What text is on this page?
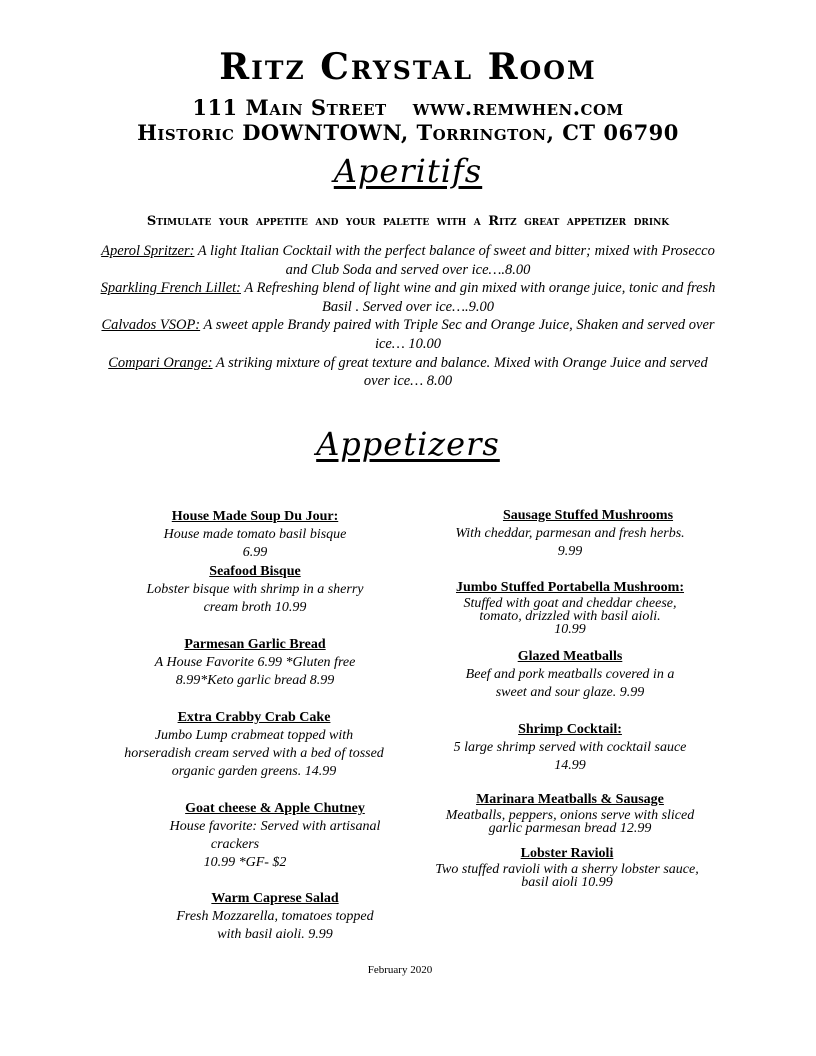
Ritz Crystal Room
111 Main Street www.remwhen.com
Historic DOWNTOWN, Torrington, CT 06790
Aperitifs
Stimulate your appetite and your palette with a Ritz great appetizer drink
Aperol Spritzer: A light Italian Cocktail with the perfect balance of sweet and bitter; mixed with Prosecco and Club Soda and served over ice….8.00
Sparkling French Lillet: A Refreshing blend of light wine and gin mixed with orange juice, tonic and fresh Basil . Served over ice….9.00
Calvados VSOP: A sweet apple Brandy paired with Triple Sec and Orange Juice, Shaken and served over ice… 10.00
Compari Orange: A striking mixture of great texture and balance. Mixed with Orange Juice and served over ice… 8.00
Appetizers
House Made Soup Du Jour:
House made tomato basil bisque
6.99
Seafood Bisque
Lobster bisque with shrimp in a sherry
cream broth 10.99
Parmesan Garlic Bread
A House Favorite 6.99 *Gluten free
8.99*Keto garlic bread 8.99
Extra Crabby Crab Cake
Jumbo Lump crabmeat topped with
horseradish cream served with a bed of tossed
organic garden greens. 14.99
Goat cheese & Apple Chutney
House favorite: Served with artisanal
crackers
10.99 *GF- $2
Warm Caprese Salad
Fresh Mozzarella, tomatoes topped
with basil aioli. 9.99
Sausage Stuffed Mushrooms
With cheddar, parmesan and fresh herbs.
9.99
Jumbo Stuffed Portabella Mushroom:
Stuffed with goat and cheddar cheese,
tomato, drizzled with basil aioli.
10.99
Glazed Meatballs
Beef and pork meatballs covered in a
sweet and sour glaze. 9.99
Shrimp Cocktail:
5 large shrimp served with cocktail sauce
14.99
Marinara Meatballs & Sausage
Meatballs, peppers, onions serve with sliced
garlic parmesan bread 12.99
Lobster Ravioli
Two stuffed ravioli with a sherry lobster sauce,
basil aioli 10.99
February 2020
